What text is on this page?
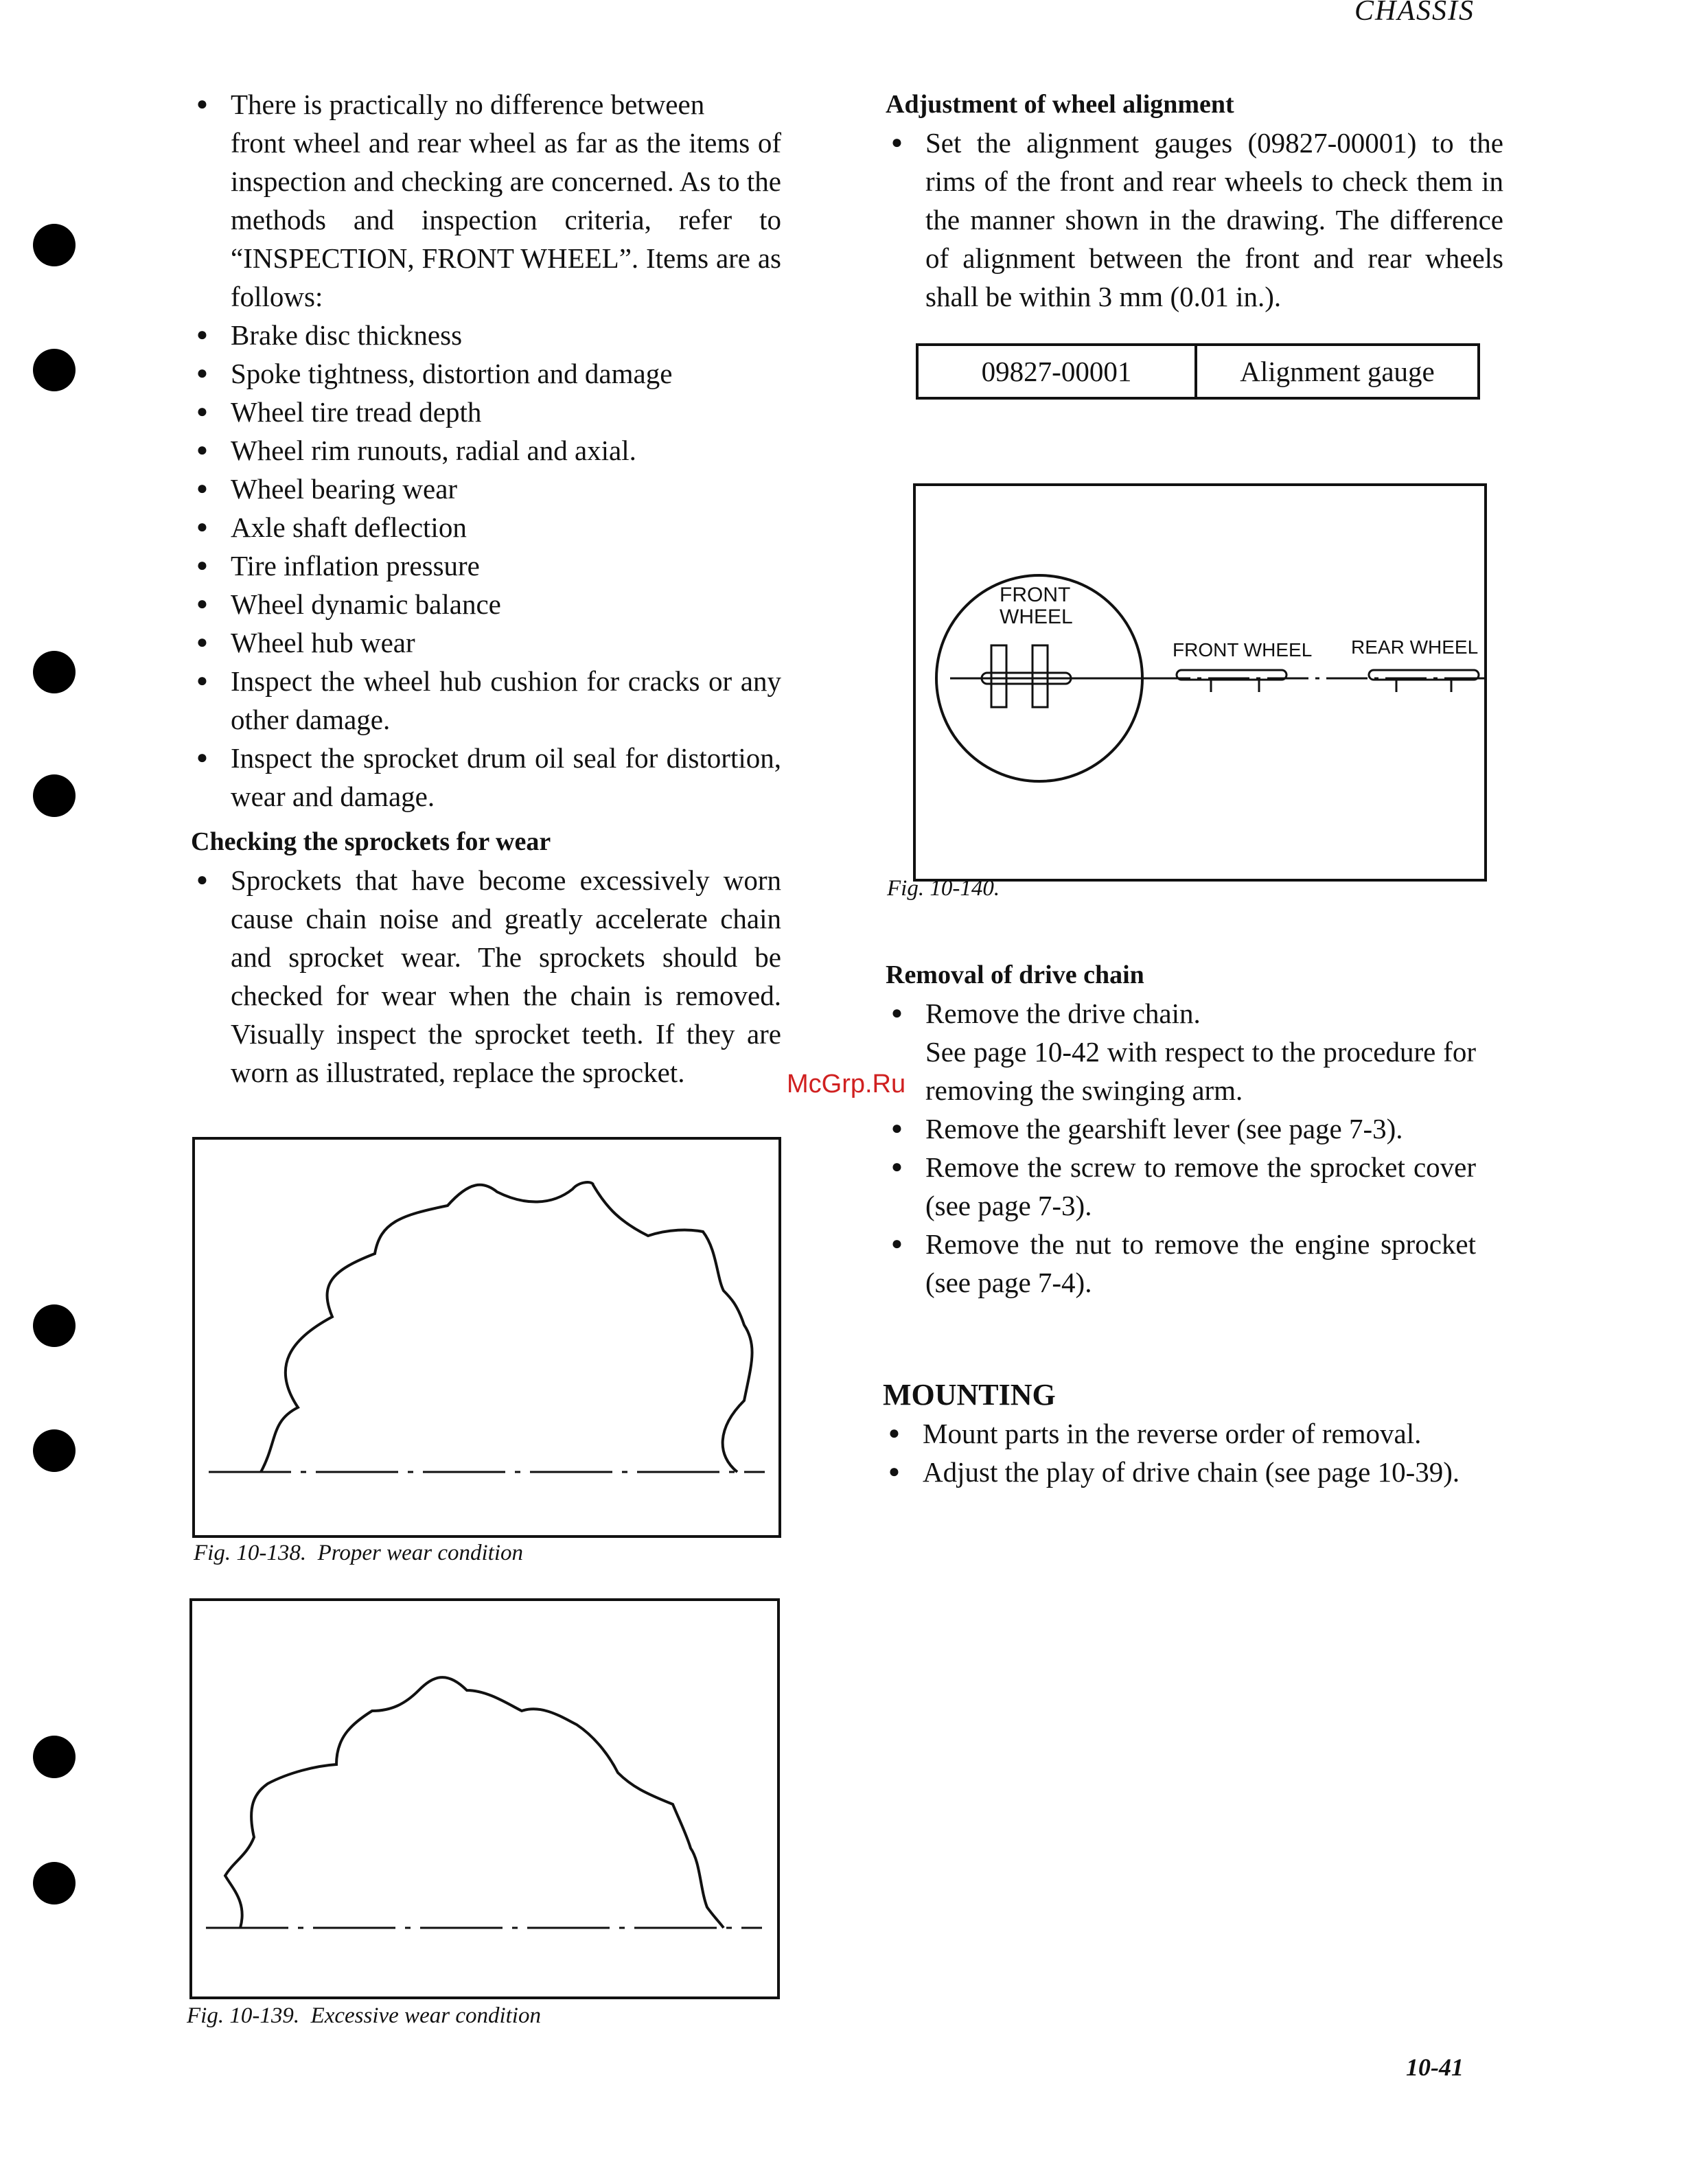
CHASSIS
● There is practically no difference between
front wheel and rear wheel as far as the items of inspection and checking are concerned. As to the methods and inspection criteria, refer to “INSPECTION, FRONT WHEEL”. Items are as follows:
● Brake disc thickness
● Spoke tightness, distortion and damage
● Wheel tire tread depth
● Wheel rim runouts, radial and axial.
● Wheel bearing wear
● Axle shaft deflection
● Tire inflation pressure
● Wheel dynamic balance
● Wheel hub wear
● Inspect the wheel hub cushion for cracks or any other damage.
● Inspect the sprocket drum oil seal for distortion, wear and damage.
Checking the sprockets for wear
● Sprockets that have become excessively worn cause chain noise and greatly accelerate chain and sprocket wear. The sprockets should be checked for wear when the chain is removed. Visually inspect the sprocket teeth. If they are worn as illustrated, replace the sprocket.
Fig. 10-138. Proper wear condition
Fig. 10-139. Excessive wear condition
Adjustment of wheel alignment
● Set the alignment gauges (09827-00001) to the rims of the front and rear wheels to check them in the manner shown in the drawing. The difference of alignment between the front and rear wheels shall be within 3 mm (0.01 in.).
09827-00001	Alignment gauge
FRONT
WHEEL
FRONT WHEEL REAR WHEEL
Fig. 10-140.
Removal of drive chain
● Remove the drive chain.
See page 10-42 with respect to the procedure for removing the swinging arm.
● Remove the gearshift lever (see page 7-3).
● Remove the screw to remove the sprocket cover (see page 7-3).
● Remove the nut to remove the engine sprocket (see page 7-4).
MOUNTING
● Mount parts in the reverse order of removal.
● Adjust the play of drive chain (see page 10-39).
McGrp.Ru
10-41
